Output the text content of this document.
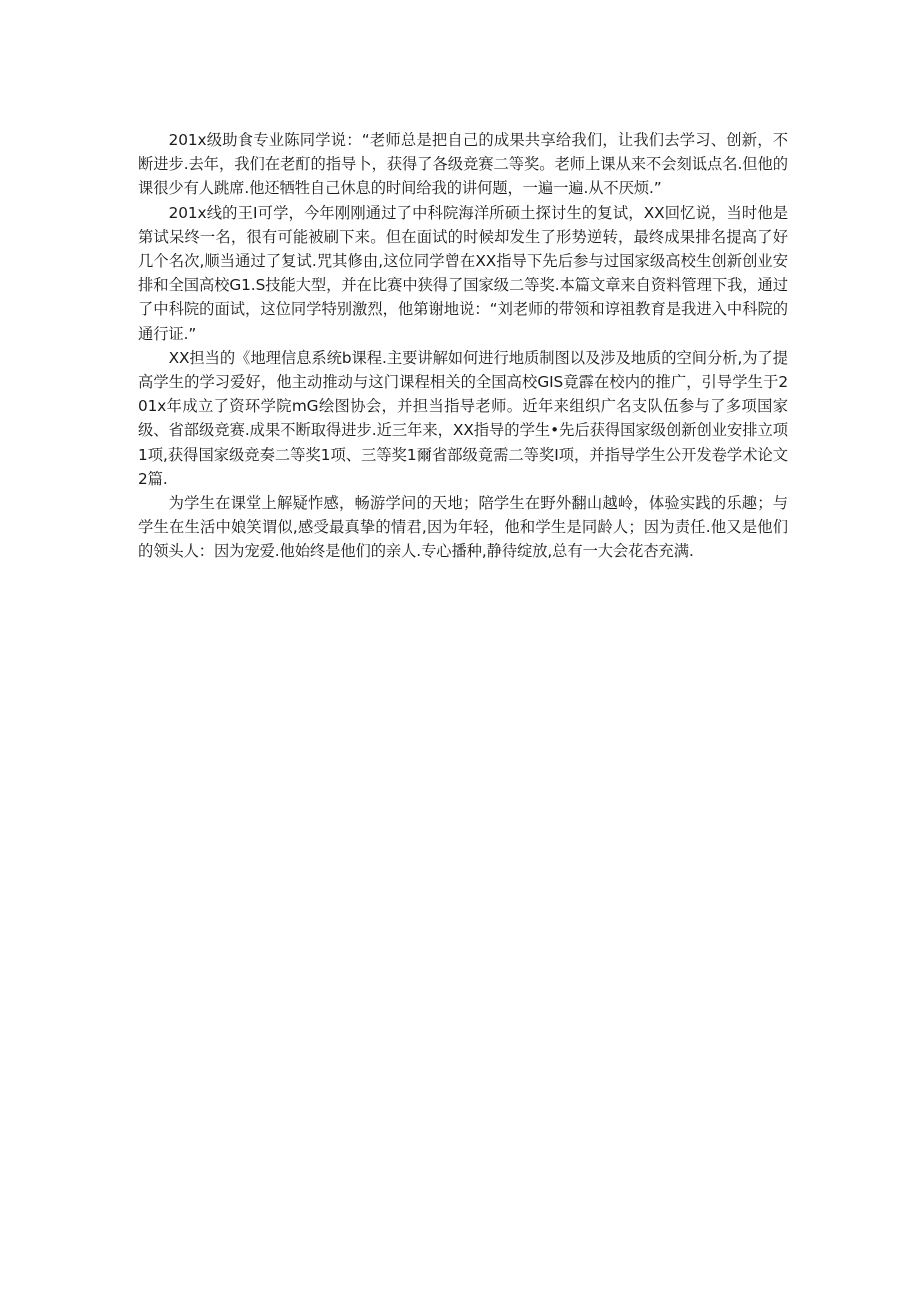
201x级助食专业陈同学说：“老师总是把自己的成果共享给我们，让我们去学习、创新，不断进步.去年，我们在老酊的指导卜，获得了各级竞赛二等奖。老师上课从来不会刻诋点名.但他的课很少有人跳席.他还牺牲自己休息的时间给我的讲何题，一遍一遍.从不厌烦.”

201x线的王I可学，今年刚刚通过了中科院海洋所硕土探讨生的复试，XX回忆说，当时他是第试呆终一名，很有可能被刷下来。但在面试的时候却发生了形势逆转，最终成果排名提高了好几个名次,顺当通过了复试.咒其修由,这位同学曾在XX指导下先后参与过国家级高校生创新创业安排和全国高校G1.S技能大型，并在比赛中狭得了国家级二等奖.本篇文章来自资料管理下我，通过了中科院的面试，这位同学特别激烈，他第谢地说：“刘老师的带领和谆祖教育是我进入中科院的通行证.”

XX担当的《地理信息系统b课程.主要讲解如何进行地质制图以及涉及地质的空间分析,为了提高学生的学习爱好，他主动推动与这门课程相关的全国高校GIS竟霹在校内的推广，引导学生于201x年成立了资环学院mG绘图协会，并担当指导老师。近年来组织广名支队伍参与了多项国家级、省部级竞赛.成果不断取得进步.近三年来，XX指导的学生•先后获得国家级创新创业安排立项1项,获得国家级竞奏二等奖1项、三等奖1爾省部级竟需二等奖I项，并指导学生公开发卷学术论文2篇.

为学生在课堂上解疑怍感，畅游学问的天地；陪学生在野外翻山越岭，体验实践的乐趣；与学生在生活中娘笑谓似,感受最真挚的情君,因为年轻，他和学生是同龄人；因为责任.他又是他们的领头人：因为宠爱.他始终是他们的亲人.专心播种,静待绽放,总有一大会花杏充满.
